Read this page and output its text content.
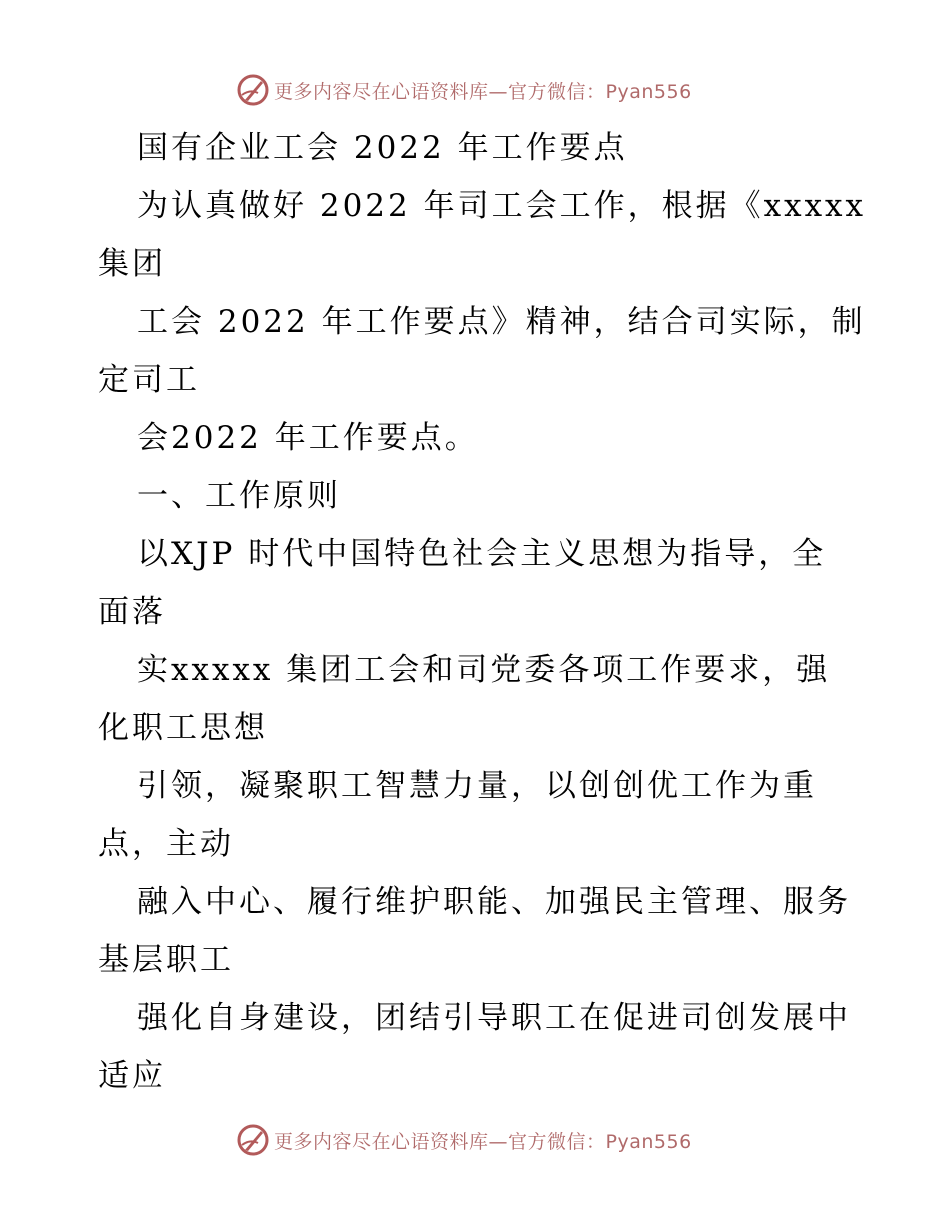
更多内容尽在心语资料库—官方微信：Pyan556
国有企业工会 2022 年工作要点
为认真做好 2022 年司工会工作，根据《xxxxx
集团
工会 2022 年工作要点》精神，结合司实际，制
定司工
会2022 年工作要点。
一、工作原则
以XJP 时代中国特色社会主义思想为指导，全
面落
实xxxxx 集团工会和司党委各项工作要求，强
化职工思想
引领，凝聚职工智慧力量，以创创优工作为重
点，主动
融入中心、履行维护职能、加强民主管理、服务
基层职工
强化自身建设，团结引导职工在促进司创发展中
适应
更多内容尽在心语资料库—官方微信：Pyan556
